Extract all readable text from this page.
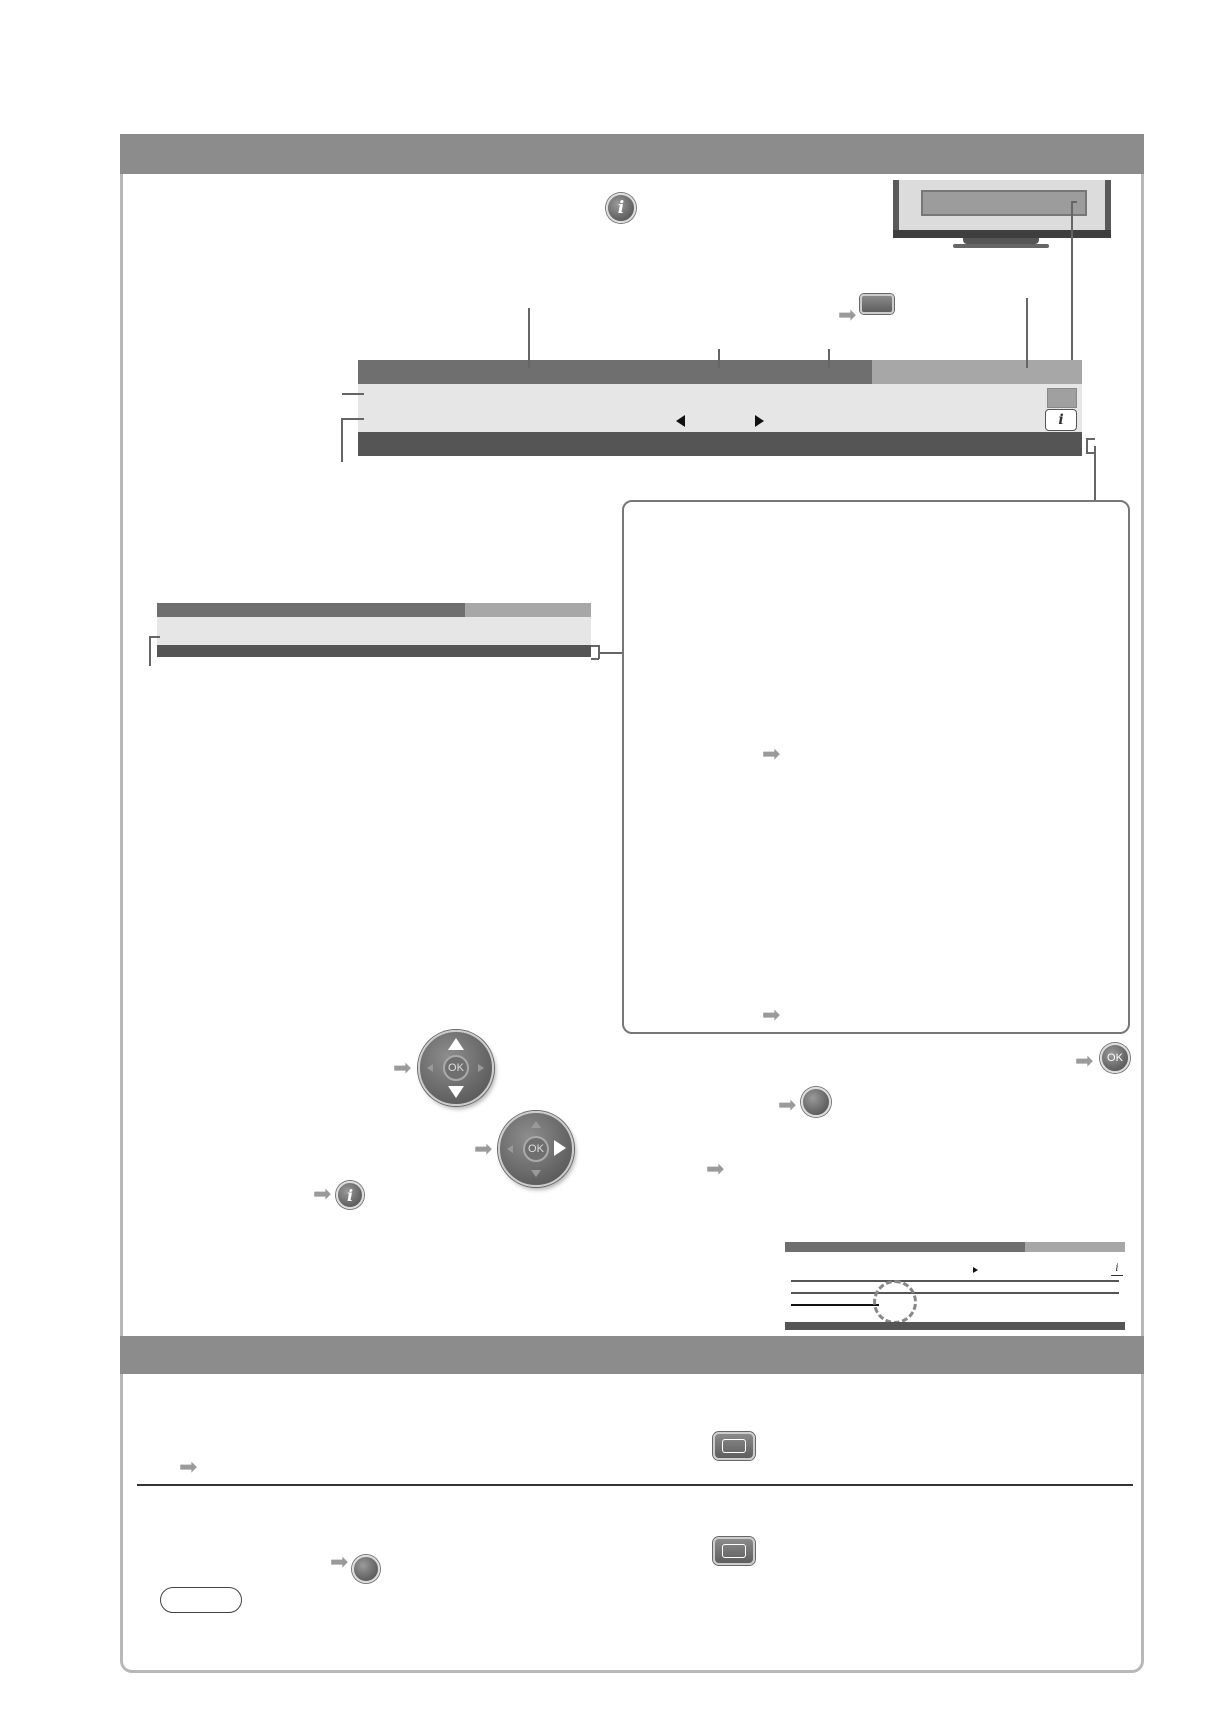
i
➡
i
➡
➡
➡	OK
➡	OK
➡ i
➡ OK
➡
➡
i
➡
➡
